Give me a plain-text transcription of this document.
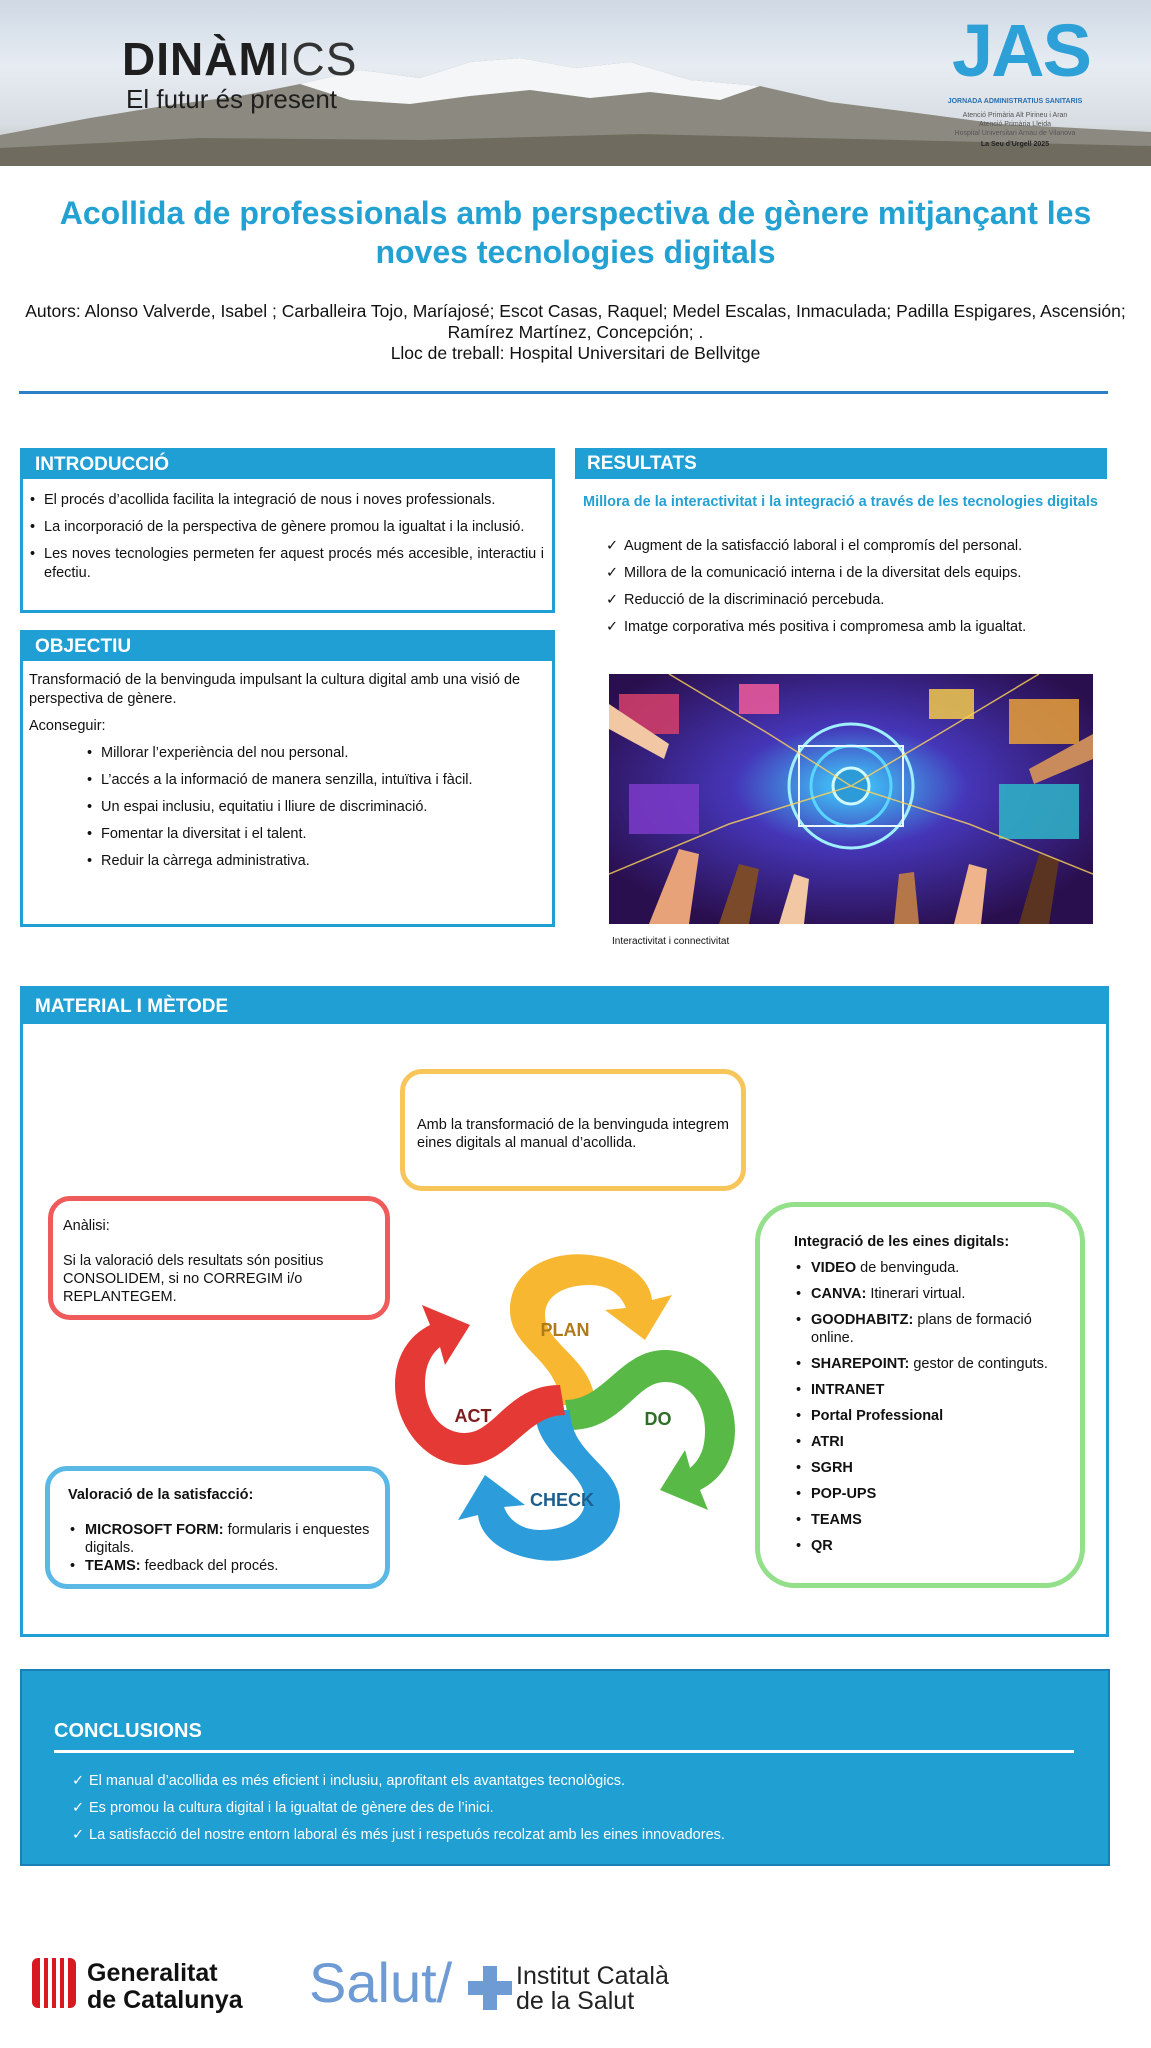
DINÀMICS
El futur és present
JAS
JORNADA ADMINISTRATIUS SANITARIS
Atenció Primària Alt Pirineu i Aran
Atenció Primària Lleida
Hospital Universitari Arnau de Vilanova
La Seu d'Urgell 2025
Acollida de professionals amb perspectiva de gènere mitjançant les noves tecnologies digitals
Autors: Alonso Valverde, Isabel ; Carballeira Tojo, Maríajosé; Escot Casas, Raquel; Medel Escalas, Inmaculada; Padilla Espigares, Ascensión;
Ramírez Martínez, Concepción; .
Lloc de treball: Hospital Universitari de Bellvitge
INTRODUCCIÓ
• El procés d’acollida facilita la integració de nous i noves professionals.
• La incorporació de la perspectiva de gènere promou la igualtat i la inclusió.
• Les noves tecnologies permeten fer aquest procés més accesible, interactiu i efectiu.
OBJECTIU
Transformació de la benvinguda impulsant la cultura digital amb una visió de perspectiva de gènere.
Aconseguir:
• Millorar l’experiència del nou personal.
• L’accés a la informació de manera senzilla, intuïtiva i fàcil.
• Un espai inclusiu, equitatiu i lliure de discriminació.
• Fomentar la diversitat i el talent.
• Reduir la càrrega administrativa.
RESULTATS
Millora de la interactivitat i la integració a través de les tecnologies digitals
✓ Augment de la satisfacció laboral i el compromís del personal.
✓ Millora de la comunicació interna i de la diversitat dels equips.
✓ Reducció de la discriminació percebuda.
✓ Imatge corporativa més positiva i compromesa amb la igualtat.
Interactivitat i connectivitat
MATERIAL I MÈTODE
Amb la transformació de la benvinguda integrem eines digitals al manual d’acollida.
Anàlisi:
Si la valoració dels resultats són positius CONSOLIDEM, si no CORREGIM i/o REPLANTEGEM.
Valoració de la satisfacció:
• MICROSOFT FORM: formularis i enquestes digitals.
• TEAMS: feedback del procés.
Integració de les eines digitals:
• VIDEO de benvinguda.
• CANVA: Itinerari virtual.
• GOODHABITZ: plans de formació online.
• SHAREPOINT: gestor de continguts.
• INTRANET
• Portal Professional
• ATRI
• SGRH
• POP-UPS
• TEAMS
• QR
PLAN
DO
CHECK
ACT
CONCLUSIONS
✓ El manual d’acollida es més eficient i inclusiu, aprofitant els avantatges tecnològics.
✓ Es promou la cultura digital i la igualtat de gènere des de l’inici.
✓ La satisfacció del nostre entorn laboral és més just i respetuós recolzat amb les eines innovadores.
Generalitat
de Catalunya Salut/	Institut Català
de la Salut
